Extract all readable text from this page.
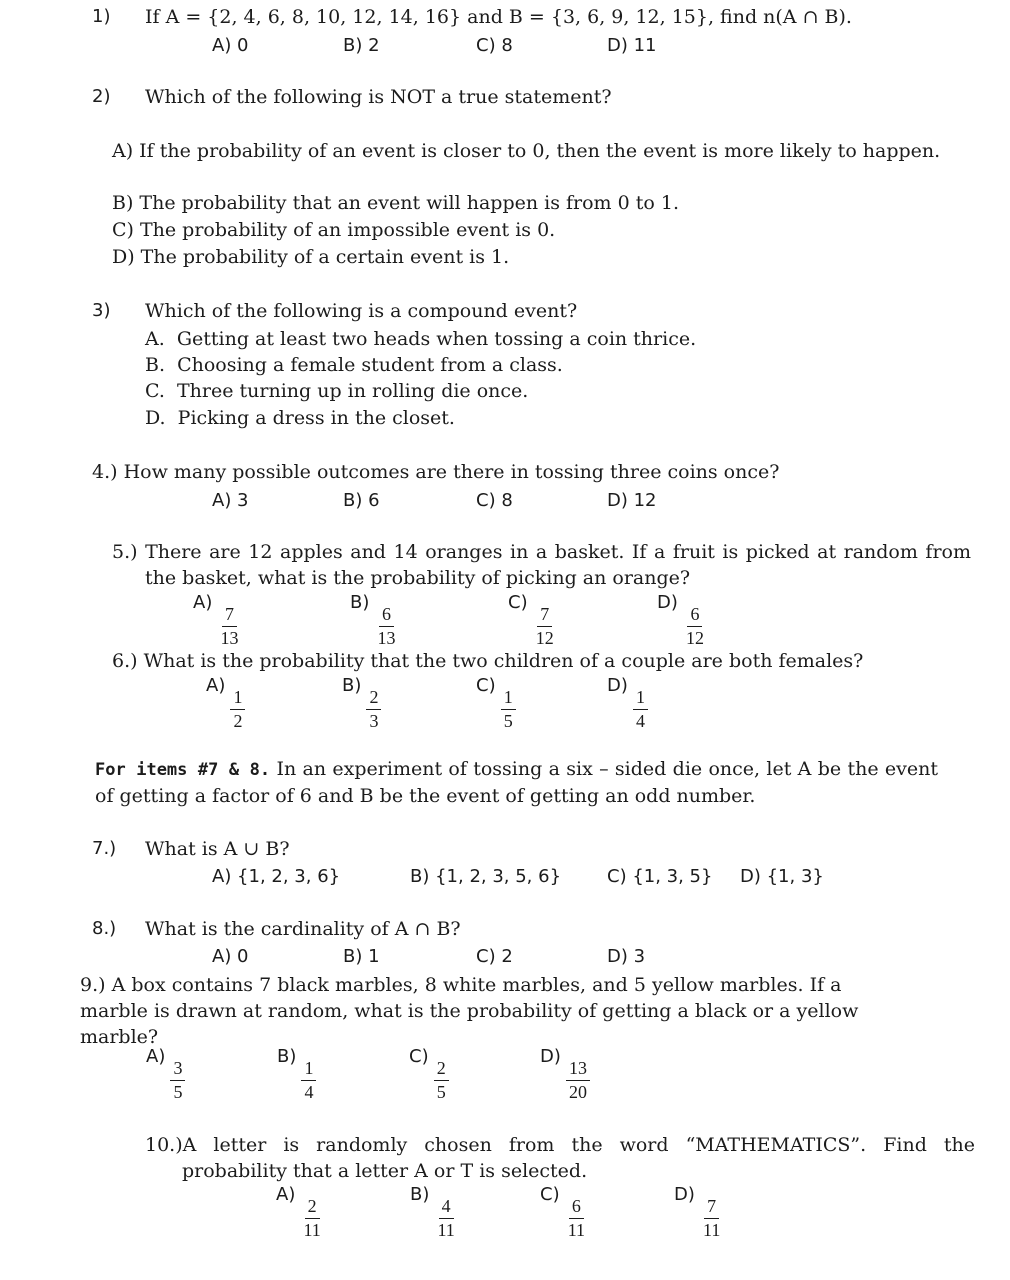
1) If A = {2, 4, 6, 8, 10, 12, 14, 16} and B = {3, 6, 9, 12, 15}, find n(A ∩ B).
A) 0	B) 2	C) 8	D) 11
2) Which of the following is NOT a true statement?
A) If the probability of an event is closer to 0, then the event is more likely to happen.
B) The probability that an event will happen is from 0 to 1.
C) The probability of an impossible event is 0.
D) The probability of a certain event is 1.
3) Which of the following is a compound event?
A.  Getting at least two heads when tossing a coin thrice.
B.  Choosing a female student from a class.
C.  Three turning up in rolling die once.
D.  Picking a dress in the closet.
4.) How many possible outcomes are there in tossing three coins once?
A) 3	B) 6	C) 8	D) 12
5.) There are 12 apples and 14 oranges in a basket. If a fruit is picked at random from the basket, what is the probability of picking an orange?
A)
$\frac{7}{13}$
B)
$\frac{6}{13}$
C)
$\frac{7}{12}$
D)
$\frac{6}{12}$
6.) What is the probability that the two children of a couple are both females?
A)
$\frac{1}{2}$
B)
$\frac{2}{3}$
C)
$\frac{1}{5}$
D)
$\frac{1}{4}$
For items #7 & 8. In an experiment of tossing a six – sided die once, let A be the event of getting a factor of 6 and B be the event of getting an odd number.
7.) What is A ∪ B?
A) {1, 2, 3, 6}	B) {1, 2, 3, 5, 6}	C) {1, 3, 5} D) {1, 3}
8.) What is the cardinality of A ∩ B?
A) 0	B) 1	C) 2	D) 3
9.) A box contains 7 black marbles, 8 white marbles, and 5 yellow marbles. If a marble is drawn at random, what is the probability of getting a black or a yellow marble?
A)
$\frac{3}{5}$
B)
$\frac{1}{4}$
C)
$\frac{2}{5}$
D)
$\frac{13}{20}$
10.)A letter is randomly chosen from the word “MATHEMATICS”. Find the probability that a letter A or T is selected.
A)
$\frac{2}{11}$
B)
$\frac{4}{11}$
C)
$\frac{6}{11}$
D)
$\frac{7}{11}$
